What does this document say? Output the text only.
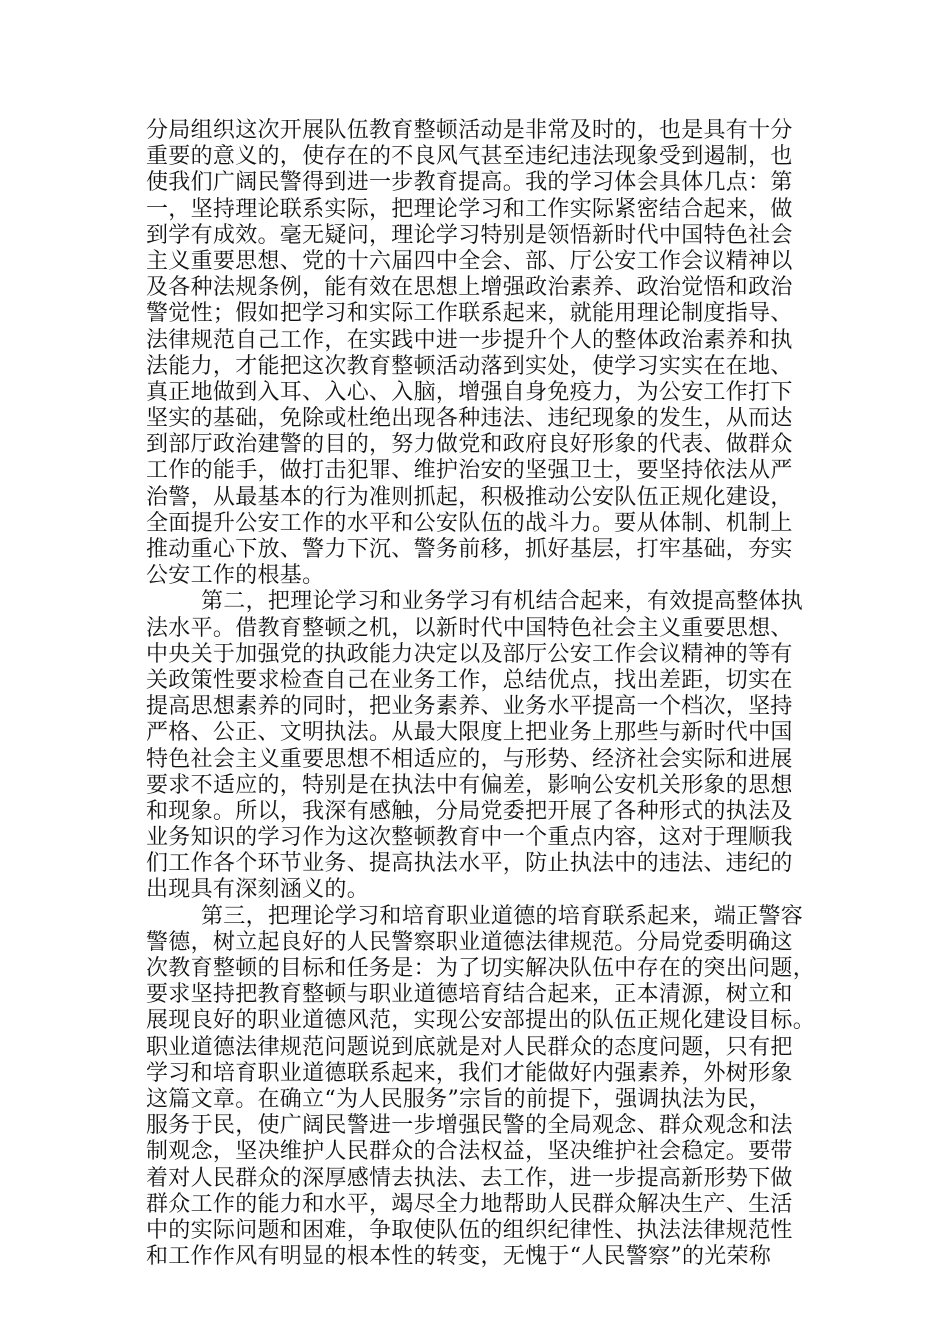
分局组织这次开展队伍教育整顿活动是非常及时的，也是具有十分
重要的意义的，使存在的不良风气甚至违纪违法现象受到遏制，也
使我们广阔民警得到进一步教育提高。我的学习体会具体几点：第
一，坚持理论联系实际，把理论学习和工作实际紧密结合起来，做
到学有成效。毫无疑问，理论学习特别是领悟新时代中国特色社会
主义重要思想、党的十六届四中全会、部、厅公安工作会议精神以
及各种法规条例，能有效在思想上增强政治素养、政治觉悟和政治
警觉性；假如把学习和实际工作联系起来，就能用理论制度指导、
法律规范自己工作，在实践中进一步提升个人的整体政治素养和执
法能力，才能把这次教育整顿活动落到实处，使学习实实在在地、
真正地做到入耳、入心、入脑，增强自身免疫力，为公安工作打下
坚实的基础，免除或杜绝出现各种违法、违纪现象的发生，从而达
到部厅政治建警的目的，努力做党和政府良好形象的代表、做群众
工作的能手，做打击犯罪、维护治安的坚强卫士，要坚持依法从严
治警，从最基本的行为准则抓起，积极推动公安队伍正规化建设，
全面提升公安工作的水平和公安队伍的战斗力。要从体制、机制上
推动重心下放、警力下沉、警务前移，抓好基层，打牢基础，夯实
公安工作的根基。
第二，把理论学习和业务学习有机结合起来，有效提高整体执
法水平。借教育整顿之机，以新时代中国特色社会主义重要思想、
中央关于加强党的执政能力决定以及部厅公安工作会议精神的等有
关政策性要求检查自己在业务工作，总结优点，找出差距，切实在
提高思想素养的同时，把业务素养、业务水平提高一个档次，坚持
严格、公正、文明执法。从最大限度上把业务上那些与新时代中国
特色社会主义重要思想不相适应的，与形势、经济社会实际和进展
要求不适应的，特别是在执法中有偏差，影响公安机关形象的思想
和现象。所以，我深有感触，分局党委把开展了各种形式的执法及
业务知识的学习作为这次整顿教育中一个重点内容，这对于理顺我
们工作各个环节业务、提高执法水平，防止执法中的违法、违纪的
出现具有深刻涵义的。
第三，把理论学习和培育职业道德的培育联系起来，端正警容
警德，树立起良好的人民警察职业道德法律规范。分局党委明确这
次教育整顿的目标和任务是：为了切实解决队伍中存在的突出问题，
要求坚持把教育整顿与职业道德培育结合起来，正本清源，树立和
展现良好的职业道德风范，实现公安部提出的队伍正规化建设目标。
职业道德法律规范问题说到底就是对人民群众的态度问题，只有把
学习和培育职业道德联系起来，我们才能做好内强素养，外树形象
这篇文章。在确立“为人民服务”宗旨的前提下，强调执法为民，
服务于民，使广阔民警进一步增强民警的全局观念、群众观念和法
制观念，坚决维护人民群众的合法权益，坚决维护社会稳定。要带
着对人民群众的深厚感情去执法、去工作，进一步提高新形势下做
群众工作的能力和水平，竭尽全力地帮助人民群众解决生产、生活
中的实际问题和困难，争取使队伍的组织纪律性、执法法律规范性
和工作作风有明显的根本性的转变，无愧于“人民警察”的光荣称
